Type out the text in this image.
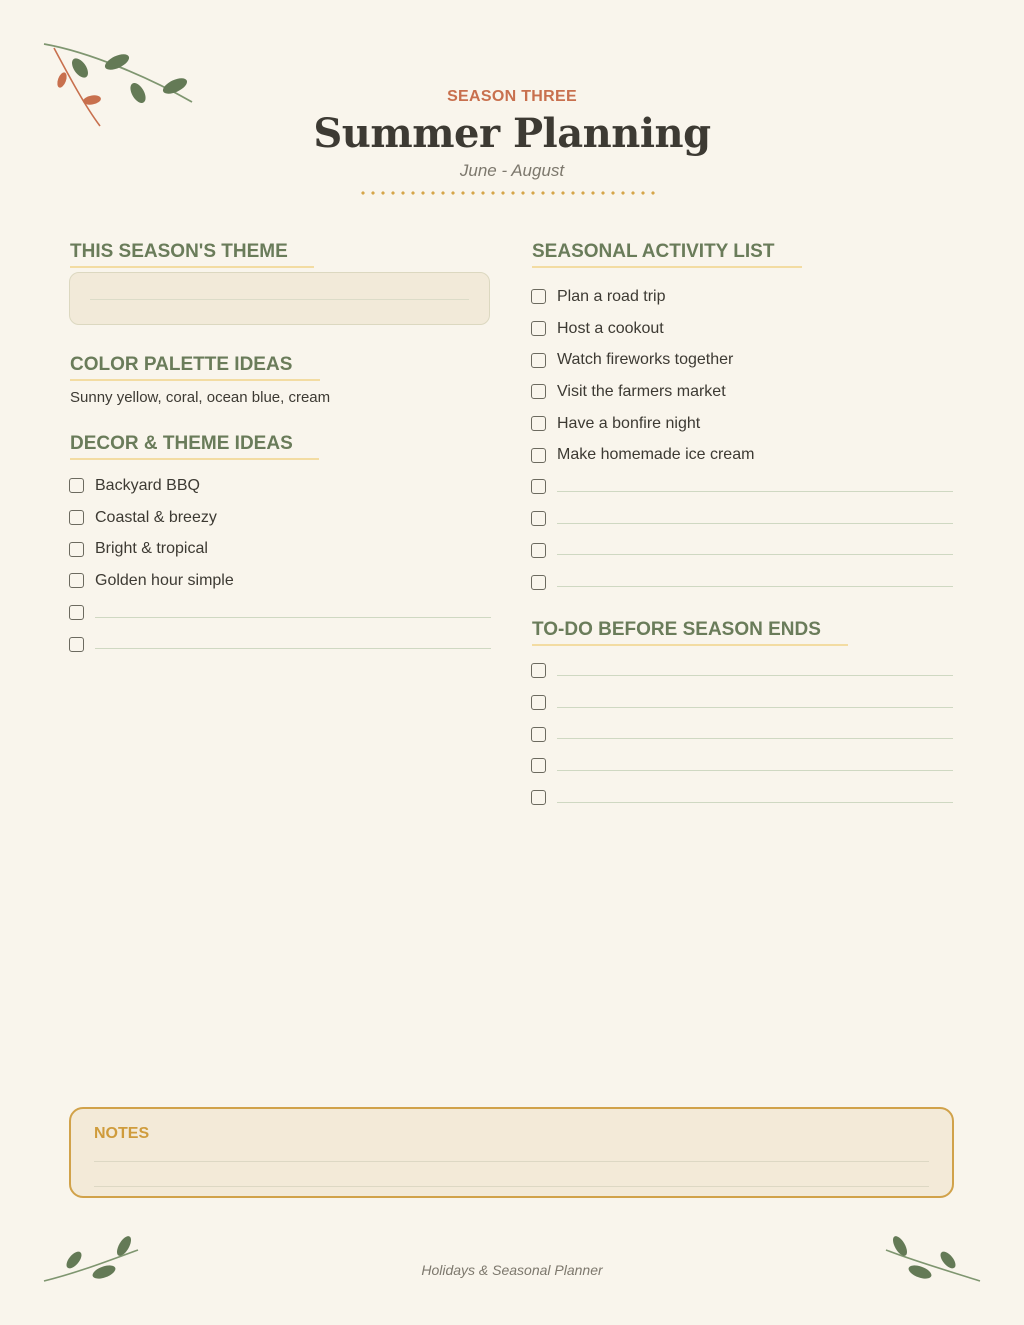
SEASON THREE
Summer Planning
June - August
THIS SEASON'S THEME
COLOR PALETTE IDEAS
Sunny yellow, coral, ocean blue, cream
DECOR & THEME IDEAS
Backyard BBQ
Coastal & breezy
Bright & tropical
Golden hour simple
SEASONAL ACTIVITY LIST
Plan a road trip
Host a cookout
Watch fireworks together
Visit the farmers market
Have a bonfire night
Make homemade ice cream
TO-DO BEFORE SEASON ENDS
NOTES
Holidays & Seasonal Planner
